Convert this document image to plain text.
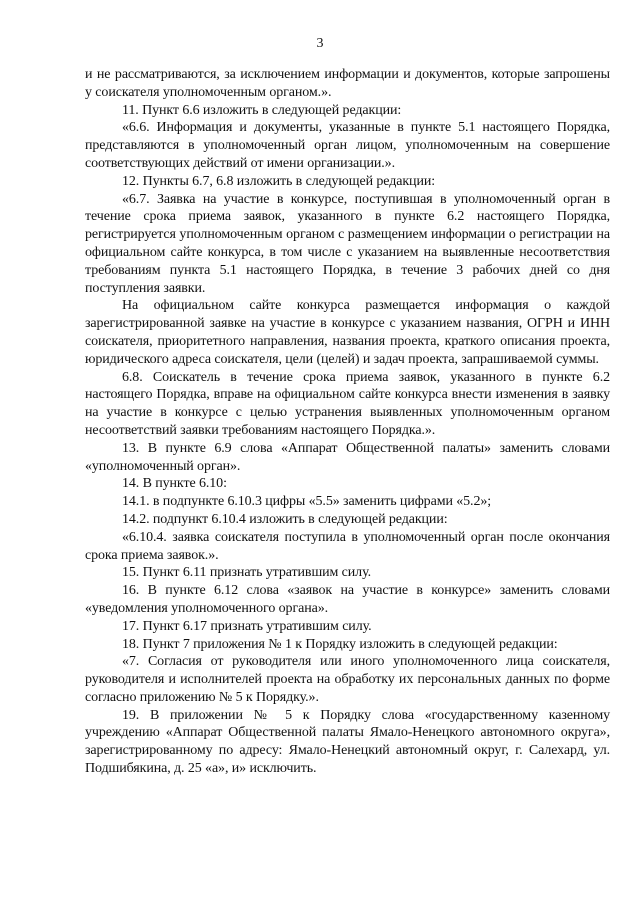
3

и не рассматриваются, за исключением информации и документов, которые запрошены у соискателя уполномоченным органом.».

11. Пункт 6.6 изложить в следующей редакции:

«6.6. Информация и документы, указанные в пункте 5.1 настоящего Порядка, представляются в уполномоченный орган лицом, уполномоченным на совершение соответствующих действий от имени организации.».

12. Пункты 6.7, 6.8 изложить в следующей редакции:

«6.7. Заявка на участие в конкурсе, поступившая в уполномоченный орган в течение срока приема заявок, указанного в пункте 6.2 настоящего Порядка, регистрируется уполномоченным органом с размещением информации о регистрации на официальном сайте конкурса, в том числе с указанием на выявленные несоответствия требованиям пункта 5.1 настоящего Порядка, в течение 3 рабочих дней со дня поступления заявки.

На официальном сайте конкурса размещается информация о каждой зарегистрированной заявке на участие в конкурсе с указанием названия, ОГРН и ИНН соискателя, приоритетного направления, названия проекта, краткого описания проекта, юридического адреса соискателя, цели (целей) и задач проекта, запрашиваемой суммы.

6.8. Соискатель в течение срока приема заявок, указанного в пункте 6.2 настоящего Порядка, вправе на официальном сайте конкурса внести изменения в заявку на участие в конкурсе с целью устранения выявленных уполномоченным органом несоответствий заявки требованиям настоящего Порядка.».

13. В пункте 6.9 слова «Аппарат Общественной палаты» заменить словами «уполномоченный орган».

14. В пункте 6.10:

14.1. в подпункте 6.10.3 цифры «5.5» заменить цифрами «5.2»;

14.2. подпункт 6.10.4 изложить в следующей редакции:

«6.10.4. заявка соискателя поступила в уполномоченный орган после окончания срока приема заявок.».

15. Пункт 6.11 признать утратившим силу.

16. В пункте 6.12 слова «заявок на участие в конкурсе» заменить словами «уведомления уполномоченного органа».

17. Пункт 6.17 признать утратившим силу.

18. Пункт 7 приложения № 1 к Порядку изложить в следующей редакции:

«7. Согласия от руководителя или иного уполномоченного лица соискателя, руководителя и исполнителей проекта на обработку их персональных данных по форме согласно приложению № 5 к Порядку.».

19. В приложении № 5 к Порядку слова «государственному казенному учреждению «Аппарат Общественной палаты Ямало-Ненецкого автономного округа», зарегистрированному по адресу: Ямало-Ненецкий автономный округ, г. Салехард, ул. Подшибякина, д. 25 «а», и» исключить.
